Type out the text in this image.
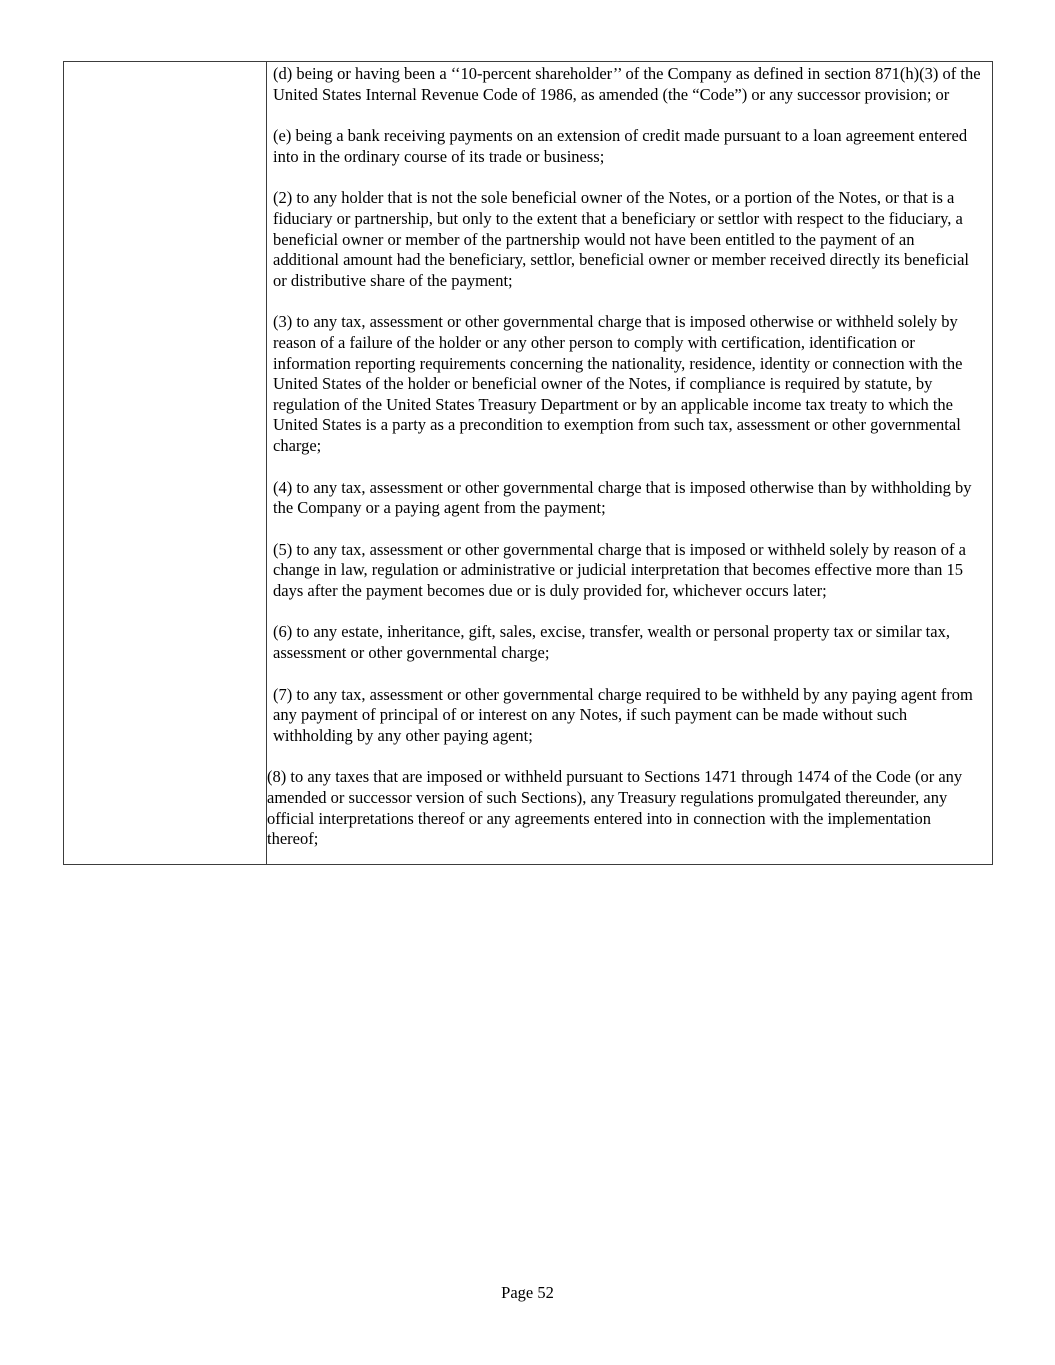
(d) being or having been a ‘‘10-percent shareholder’’ of the Company as defined in section 871(h)(3) of the United States Internal Revenue Code of 1986, as amended (the “Code”) or any successor provision; or

(e) being a bank receiving payments on an extension of credit made pursuant to a loan agreement entered into in the ordinary course of its trade or business;

(2) to any holder that is not the sole beneficial owner of the Notes, or a portion of the Notes, or that is a fiduciary or partnership, but only to the extent that a beneficiary or settlor with respect to the fiduciary, a beneficial owner or member of the partnership would not have been entitled to the payment of an additional amount had the beneficiary, settlor, beneficial owner or member received directly its beneficial or distributive share of the payment;

(3) to any tax, assessment or other governmental charge that is imposed otherwise or withheld solely by reason of a failure of the holder or any other person to comply with certification, identification or information reporting requirements concerning the nationality, residence, identity or connection with the United States of the holder or beneficial owner of the Notes, if compliance is required by statute, by regulation of the United States Treasury Department or by an applicable income tax treaty to which the United States is a party as a precondition to exemption from such tax, assessment or other governmental charge;

(4) to any tax, assessment or other governmental charge that is imposed otherwise than by withholding by the Company or a paying agent from the payment;

(5) to any tax, assessment or other governmental charge that is imposed or withheld solely by reason of a change in law, regulation or administrative or judicial interpretation that becomes effective more than 15 days after the payment becomes due or is duly provided for, whichever occurs later;

(6) to any estate, inheritance, gift, sales, excise, transfer, wealth or personal property tax or similar tax, assessment or other governmental charge;

(7) to any tax, assessment or other governmental charge required to be withheld by any paying agent from any payment of principal of or interest on any Notes, if such payment can be made without such withholding by any other paying agent;

(8) to any taxes that are imposed or withheld pursuant to Sections 1471 through 1474 of the Code (or any amended or successor version of such Sections), any Treasury regulations promulgated thereunder, any official interpretations thereof or any agreements entered into in connection with the implementation thereof;

Page 52
